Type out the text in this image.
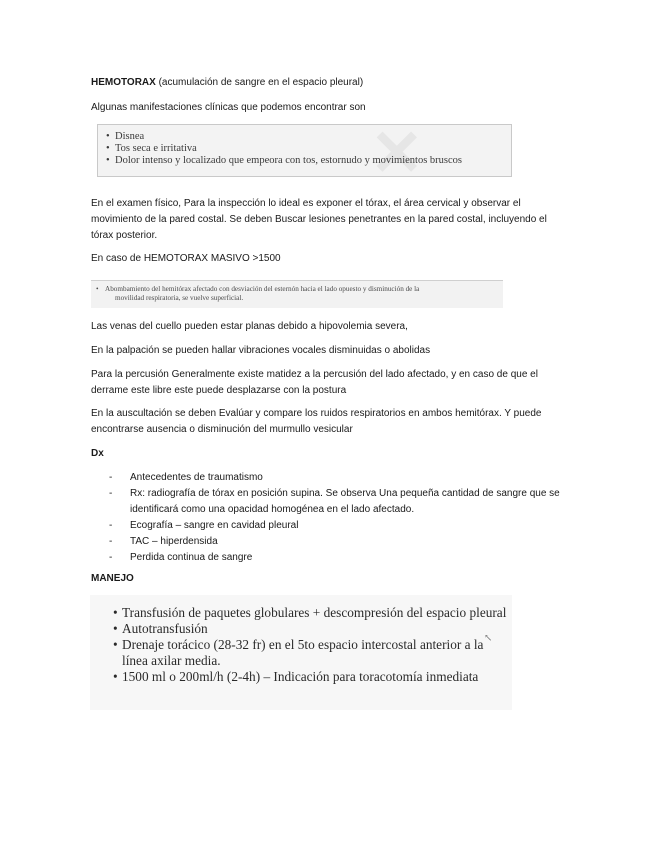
HEMOTORAX (acumulación de sangre en el espacio pleural)

Algunas manifestaciones clínicas que podemos encontrar son

✕
• Disnea
• Tos seca e irritativa
• Dolor intenso y localizado que empeora con tos, estornudo y movimientos bruscos

En el examen físico, Para la inspección lo ideal es exponer el tórax, el área cervical y observar el movimiento de la pared costal. Se deben Buscar lesiones penetrantes en la pared costal, incluyendo el tórax posterior.

En caso de HEMOTORAX MASIVO >1500

• Abombamiento del hemitórax afectado con desviación del esternón hacia el lado opuesto y disminución de la
movilidad respiratoria, se vuelve superficial.

Las venas del cuello pueden estar planas debido a hipovolemia severa,

En la palpación se pueden hallar vibraciones vocales disminuidas o abolidas

Para la percusión Generalmente existe matidez a la percusión del lado afectado, y en caso de que el derrame este libre este puede desplazarse con la postura

En la auscultación se deben Evalúar y compare los ruidos respiratorios en ambos hemitórax. Y puede encontrarse ausencia o disminución del murmullo vesicular

Dx

- Antecedentes de traumatismo
- Rx: radiografía de tórax en posición supina. Se observa Una pequeña cantidad de sangre que se identificará como una opacidad homogénea en el lado afectado.
- Ecografía – sangre en cavidad pleural
- TAC – hiperdensida
- Perdida continua de sangre

MANEJO

↖
• Transfusión de paquetes globulares + descompresión del espacio pleural
• Autotransfusión
• Drenaje torácico (28-32 fr) en el 5to espacio intercostal anterior a la línea axilar media.
• 1500 ml o 200ml/h (2-4h) – Indicación para toracotomía inmediata
